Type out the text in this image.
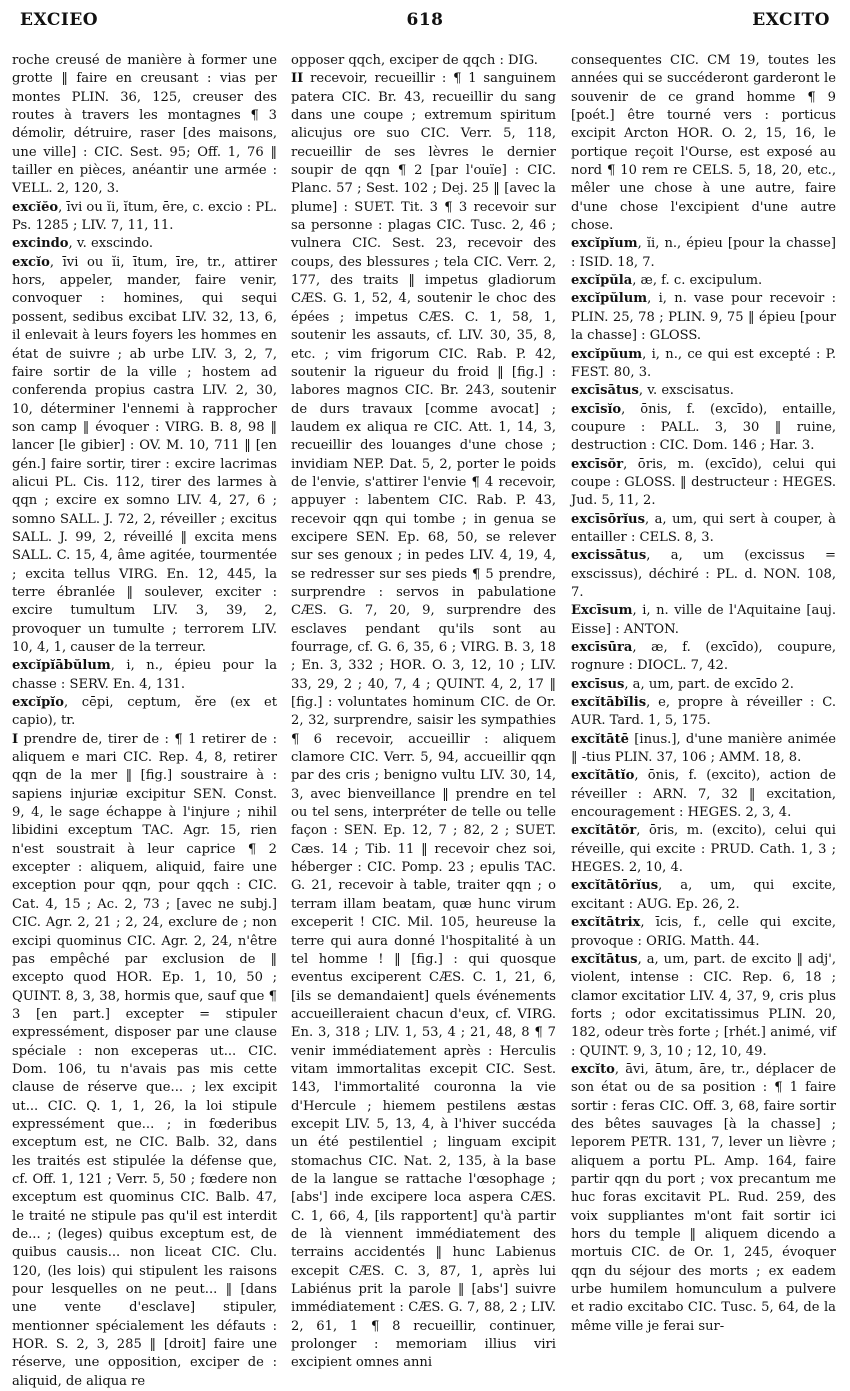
EXCIEO	618	EXCITO

roche creusé de manière à former une grotte ‖ faire en creusant : vias per montes PLIN. 36, 125, creuser des routes à travers les montagnes ¶ 3 démolir, détruire, raser [des maisons, une ville] : CIC. Sest. 95; Off. 1, 76 ‖ tailler en pièces, anéantir une armée : VELL. 2, 120, 3.

excĭĕo, īvi ou ĭi, ĭtum, ēre, c. excio : PL. Ps. 1285 ; LIV. 7, 11, 11.

excindo, v. exscindo.

excĭo, īvi ou ĭi, ītum, īre, tr., attirer hors, appeler, mander, faire venir, convoquer : homines, qui sequi possent, sedibus excibat LIV. 32, 13, 6, il enlevait à leurs foyers les hommes en état de suivre ; ab urbe LIV. 3, 2, 7, faire sortir de la ville ; hostem ad conferenda propius castra LIV. 2, 30, 10, déterminer l'ennemi à rapprocher son camp ‖ évoquer : VIRG. B. 8, 98 ‖ lancer [le gibier] : OV. M. 10, 711 ‖ [en gén.] faire sortir, tirer : excire lacrimas alicui PL. Cis. 112, tirer des larmes à qqn ; excire ex somno LIV. 4, 27, 6 ; somno SALL. J. 72, 2, réveiller ; excitus SALL. J. 99, 2, réveillé ‖ excita mens SALL. C. 15, 4, âme agitée, tourmentée ; excita tellus VIRG. En. 12, 445, la terre ébranlée ‖ soulever, exciter : excire tumultum LIV. 3, 39, 2, provoquer un tumulte ; terrorem LIV. 10, 4, 1, causer de la terreur.

excĭpĭābŭlum, i, n., épieu pour la chasse : SERV. En. 4, 131.

excĭpĭo, cēpi, ceptum, ĕre (ex et capio), tr.

I prendre de, tirer de : ¶ 1 retirer de : aliquem e mari CIC. Rep. 4, 8, retirer qqn de la mer ‖ [fig.] soustraire à : sapiens injuriæ excipitur SEN. Const. 9, 4, le sage échappe à l'injure ; nihil libidini exceptum TAC. Agr. 15, rien n'est soustrait à leur caprice ¶ 2 excepter : aliquem, aliquid, faire une exception pour qqn, pour qqch : CIC. Cat. 4, 15 ; Ac. 2, 73 ; [avec ne subj.] CIC. Agr. 2, 21 ; 2, 24, exclure de ; non excipi quominus CIC. Agr. 2, 24, n'être pas empêché par exclusion de ‖ excepto quod HOR. Ep. 1, 10, 50 ; QUINT. 8, 3, 38, hormis que, sauf que ¶ 3 [en part.] excepter = stipuler expressément, disposer par une clause spéciale : non exceperas ut... CIC. Dom. 106, tu n'avais pas mis cette clause de réserve que... ; lex excipit ut... CIC. Q. 1, 1, 26, la loi stipule expressément que... ; in fœderibus exceptum est, ne CIC. Balb. 32, dans les traités est stipulée la défense que, cf. Off. 1, 121 ; Verr. 5, 50 ; fœdere non exceptum est quominus CIC. Balb. 47, le traité ne stipule pas qu'il est interdit de... ; (leges) quibus exceptum est, de quibus causis... non liceat CIC. Clu. 120, (les lois) qui stipulent les raisons pour lesquelles on ne peut... ‖ [dans une vente d'esclave] stipuler, mentionner spécialement les défauts : HOR. S. 2, 3, 285 ‖ [droit] faire une réserve, une opposition, exciper de : aliquid, de aliqua re

opposer qqch, exciper de qqch : DIG.

II recevoir, recueillir : ¶ 1 sanguinem patera CIC. Br. 43, recueillir du sang dans une coupe ; extremum spiritum alicujus ore suo CIC. Verr. 5, 118, recueillir de ses lèvres le dernier soupir de qqn ¶ 2 [par l'ouïe] : CIC. Planc. 57 ; Sest. 102 ; Dej. 25 ‖ [avec la plume] : SUET. Tit. 3 ¶ 3 recevoir sur sa personne : plagas CIC. Tusc. 2, 46 ; vulnera CIC. Sest. 23, recevoir des coups, des blessures ; tela CIC. Verr. 2, 177, des traits ‖ impetus gladiorum CÆS. G. 1, 52, 4, soutenir le choc des épées ; impetus CÆS. C. 1, 58, 1, soutenir les assauts, cf. LIV. 30, 35, 8, etc. ; vim frigorum CIC. Rab. P. 42, soutenir la rigueur du froid ‖ [fig.] : labores magnos CIC. Br. 243, soutenir de durs travaux [comme avocat] ; laudem ex aliqua re CIC. Att. 1, 14, 3, recueillir des louanges d'une chose ; invidiam NEP. Dat. 5, 2, porter le poids de l'envie, s'attirer l'envie ¶ 4 recevoir, appuyer : labentem CIC. Rab. P. 43, recevoir qqn qui tombe ; in genua se excipere SEN. Ep. 68, 50, se relever sur ses genoux ; in pedes LIV. 4, 19, 4, se redresser sur ses pieds ¶ 5 prendre, surprendre : servos in pabulatione CÆS. G. 7, 20, 9, surprendre des esclaves pendant qu'ils sont au fourrage, cf. G. 6, 35, 6 ; VIRG. B. 3, 18 ; En. 3, 332 ; HOR. O. 3, 12, 10 ; LIV. 33, 29, 2 ; 40, 7, 4 ; QUINT. 4, 2, 17 ‖ [fig.] : voluntates hominum CIC. de Or. 2, 32, surprendre, saisir les sympathies ¶ 6 recevoir, accueillir : aliquem clamore CIC. Verr. 5, 94, accueillir qqn par des cris ; benigno vultu LIV. 30, 14, 3, avec bienveillance ‖ prendre en tel ou tel sens, interpréter de telle ou telle façon : SEN. Ep. 12, 7 ; 82, 2 ; SUET. Cæs. 14 ; Tib. 11 ‖ recevoir chez soi, héberger : CIC. Pomp. 23 ; epulis TAC. G. 21, recevoir à table, traiter qqn ; o terram illam beatam, quæ hunc virum exceperit ! CIC. Mil. 105, heureuse la terre qui aura donné l'hospitalité à un tel homme ! ‖ [fig.] : qui quosque eventus exciperent CÆS. C. 1, 21, 6, [ils se demandaient] quels événements accueilleraient chacun d'eux, cf. VIRG. En. 3, 318 ; LIV. 1, 53, 4 ; 21, 48, 8 ¶ 7 venir immédiatement après : Herculis vitam immortalitas excepit CIC. Sest. 143, l'immortalité couronna la vie d'Hercule ; hiemem pestilens æstas excepit LIV. 5, 13, 4, à l'hiver succéda un été pestilentiel ; linguam excipit stomachus CIC. Nat. 2, 135, à la base de la langue se rattache l'œsophage ; [abs'] inde excipere loca aspera CÆS. C. 1, 66, 4, [ils rapportent] qu'à partir de là viennent immédiatement des terrains accidentés ‖ hunc Labienus excepit CÆS. C. 3, 87, 1, après lui Labiénus prit la parole ‖ [abs'] suivre immédiatement : CÆS. G. 7, 88, 2 ; LIV. 2, 61, 1 ¶ 8 recueillir, continuer, prolonger : memoriam illius viri excipient omnes anni

consequentes CIC. CM 19, toutes les années qui se succéderont garderont le souvenir de ce grand homme ¶ 9 [poét.] être tourné vers : porticus excipit Arcton HOR. O. 2, 15, 16, le portique reçoit l'Ourse, est exposé au nord ¶ 10 rem re CELS. 5, 18, 20, etc., mêler une chose à une autre, faire d'une chose l'excipient d'une autre chose.

excĭpĭum, ĭi, n., épieu [pour la chasse] : ISID. 18, 7.

excĭpŭla, æ, f. c. excipulum.

excĭpŭlum, i, n. vase pour recevoir : PLIN. 25, 78 ; PLIN. 9, 75 ‖ épieu [pour la chasse] : GLOSS.

excĭpŭum, i, n., ce qui est excepté : P. FEST. 80, 3.

excīsātus, v. exscisatus.

excīsĭo, ōnis, f. (excīdo), entaille, coupure : PALL. 3, 30 ‖ ruine, destruction : CIC. Dom. 146 ; Har. 3.

excīsŏr, ōris, m. (excīdo), celui qui coupe : GLOSS. ‖ destructeur : HEGES. Jud. 5, 11, 2.

excīsōrĭus, a, um, qui sert à couper, à entailler : CELS. 8, 3.

excissātus, a, um (excissus = exscissus), déchiré : PL. d. NON. 108, 7.

Excīsum, i, n. ville de l'Aquitaine [auj. Eisse] : ANTON.

excīsūra, æ, f. (excīdo), coupure, rognure : DIOCL. 7, 42.

excīsus, a, um, part. de excīdo 2.

excĭtābĭlis, e, propre à réveiller : C. AUR. Tard. 1, 5, 175.

excĭtātē [inus.], d'une manière animée ‖ -tius PLIN. 37, 106 ; AMM. 18, 8.

excĭtātĭo, ōnis, f. (excito), action de réveiller : ARN. 7, 32 ‖ excitation, encouragement : HEGES. 2, 3, 4.

excĭtātŏr, ōris, m. (excito), celui qui réveille, qui excite : PRUD. Cath. 1, 3 ; HEGES. 2, 10, 4.

excĭtātōrĭus, a, um, qui excite, excitant : AUG. Ep. 26, 2.

excĭtātrix, īcis, f., celle qui excite, provoque : ORIG. Matth. 44.

excĭtātus, a, um, part. de excito ‖ adj', violent, intense : CIC. Rep. 6, 18 ; clamor excitatior LIV. 4, 37, 9, cris plus forts ; odor excitatissimus PLIN. 20, 182, odeur très forte ; [rhét.] animé, vif : QUINT. 9, 3, 10 ; 12, 10, 49.

excĭto, āvi, ātum, āre, tr., déplacer de son état ou de sa position : ¶ 1 faire sortir : feras CIC. Off. 3, 68, faire sortir des bêtes sauvages [à la chasse] ; leporem PETR. 131, 7, lever un lièvre ; aliquem a portu PL. Amp. 164, faire partir qqn du port ; vox precantum me huc foras excitavit PL. Rud. 259, des voix suppliantes m'ont fait sortir ici hors du temple ‖ aliquem dicendo a mortuis CIC. de Or. 1, 245, évoquer qqn du séjour des morts ; ex eadem urbe humilem homunculum a pulvere et radio excitabo CIC. Tusc. 5, 64, de la même ville je ferai sur-
